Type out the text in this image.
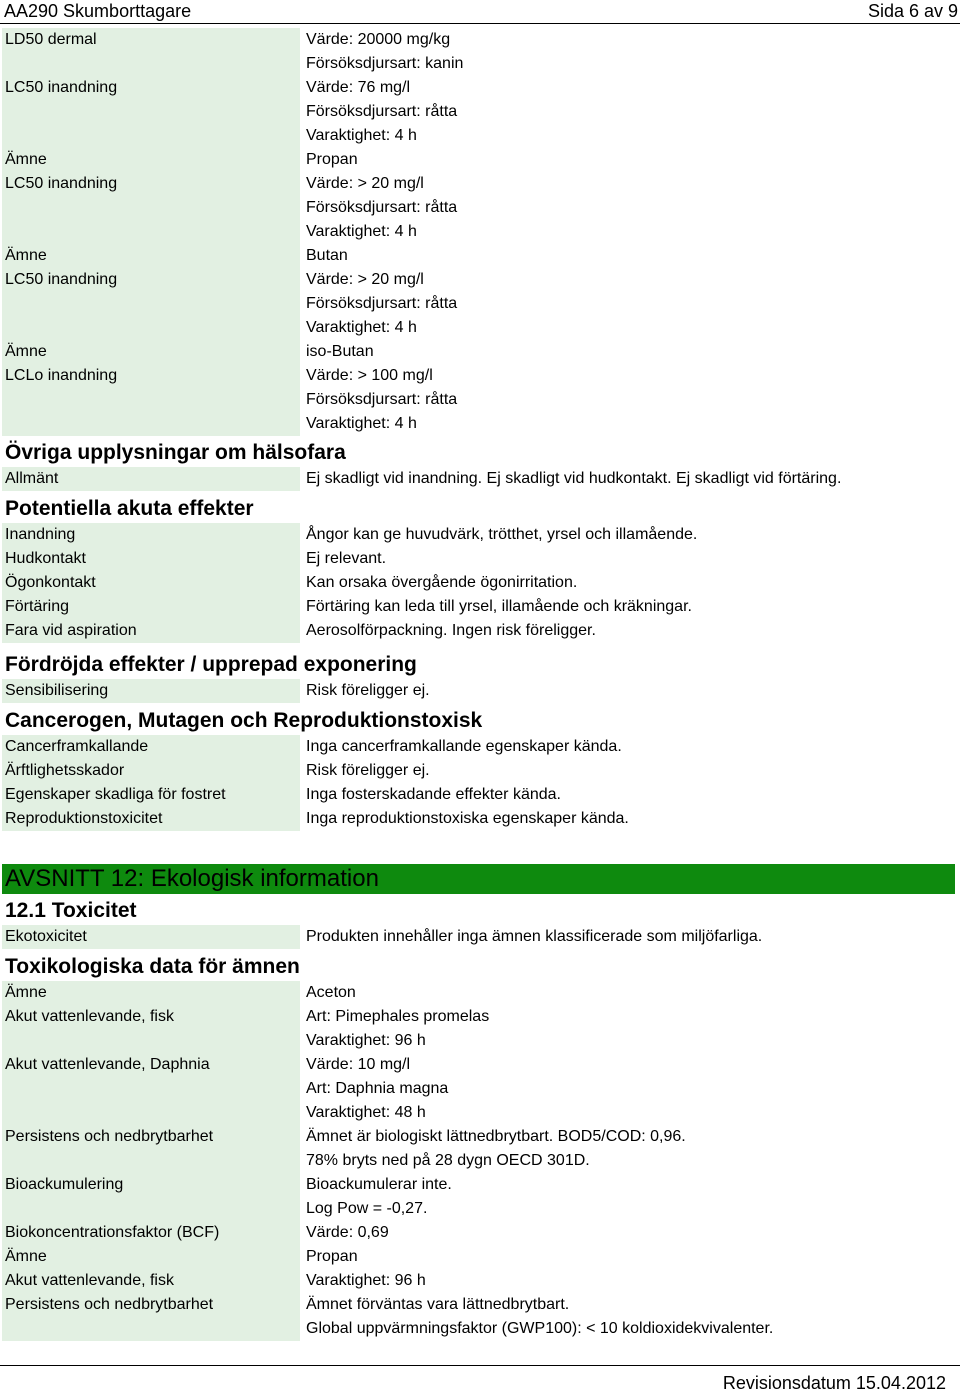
AA290 Skumborttagare	Sida 6 av 9
LD50 dermal	Värde: 20000 mg/kg
Försöksdjursart: kanin
LC50 inandning	Värde: 76 mg/l
Försöksdjursart: råtta
Varaktighet: 4 h
Ämne	Propan
LC50 inandning	Värde: > 20 mg/l
Försöksdjursart: råtta
Varaktighet: 4 h
Ämne	Butan
LC50 inandning	Värde: > 20 mg/l
Försöksdjursart: råtta
Varaktighet: 4 h
Ämne	iso-Butan
LCLo inandning	Värde: > 100 mg/l
Försöksdjursart: råtta
Varaktighet: 4 h
Övriga upplysningar om hälsofara
Allmänt	Ej skadligt vid inandning. Ej skadligt vid hudkontakt. Ej skadligt vid förtäring.
Potentiella akuta effekter
Inandning	Ångor kan ge huvudvärk, trötthet, yrsel och illamående.
Hudkontakt	Ej relevant.
Ögonkontakt	Kan orsaka övergående ögonirritation.
Förtäring	Förtäring kan leda till yrsel, illamående och kräkningar.
Fara vid aspiration	Aerosolförpackning. Ingen risk föreligger.
Fördröjda effekter / upprepad exponering
Sensibilisering	Risk föreligger ej.
Cancerogen, Mutagen och Reproduktionstoxisk
Cancerframkallande	Inga cancerframkallande egenskaper kända.
Ärftlighetsskador	Risk föreligger ej.
Egenskaper skadliga för fostret	Inga fosterskadande effekter kända.
Reproduktionstoxicitet	Inga reproduktionstoxiska egenskaper kända.
AVSNITT 12: Ekologisk information
12.1 Toxicitet
Ekotoxicitet	Produkten innehåller inga ämnen klassificerade som miljöfarliga.
Toxikologiska data för ämnen
Ämne	Aceton
Akut vattenlevande, fisk	Art: Pimephales promelas
Varaktighet: 96 h
Akut vattenlevande, Daphnia	Värde: 10 mg/l
Art: Daphnia magna
Varaktighet: 48 h
Persistens och nedbrytbarhet	Ämnet är biologiskt lättnedbrytbart. BOD5/COD: 0,96.
78% bryts ned på 28 dygn OECD 301D.
Bioackumulering	Bioackumulerar inte.
Log Pow = -0,27.
Biokoncentrationsfaktor (BCF)	Värde: 0,69
Ämne	Propan
Akut vattenlevande, fisk	Varaktighet: 96 h
Persistens och nedbrytbarhet	Ämnet förväntas vara lättnedbrytbart.
Global uppvärmningsfaktor (GWP100): < 10 koldioxidekvivalenter.
Revisionsdatum 15.04.2012
